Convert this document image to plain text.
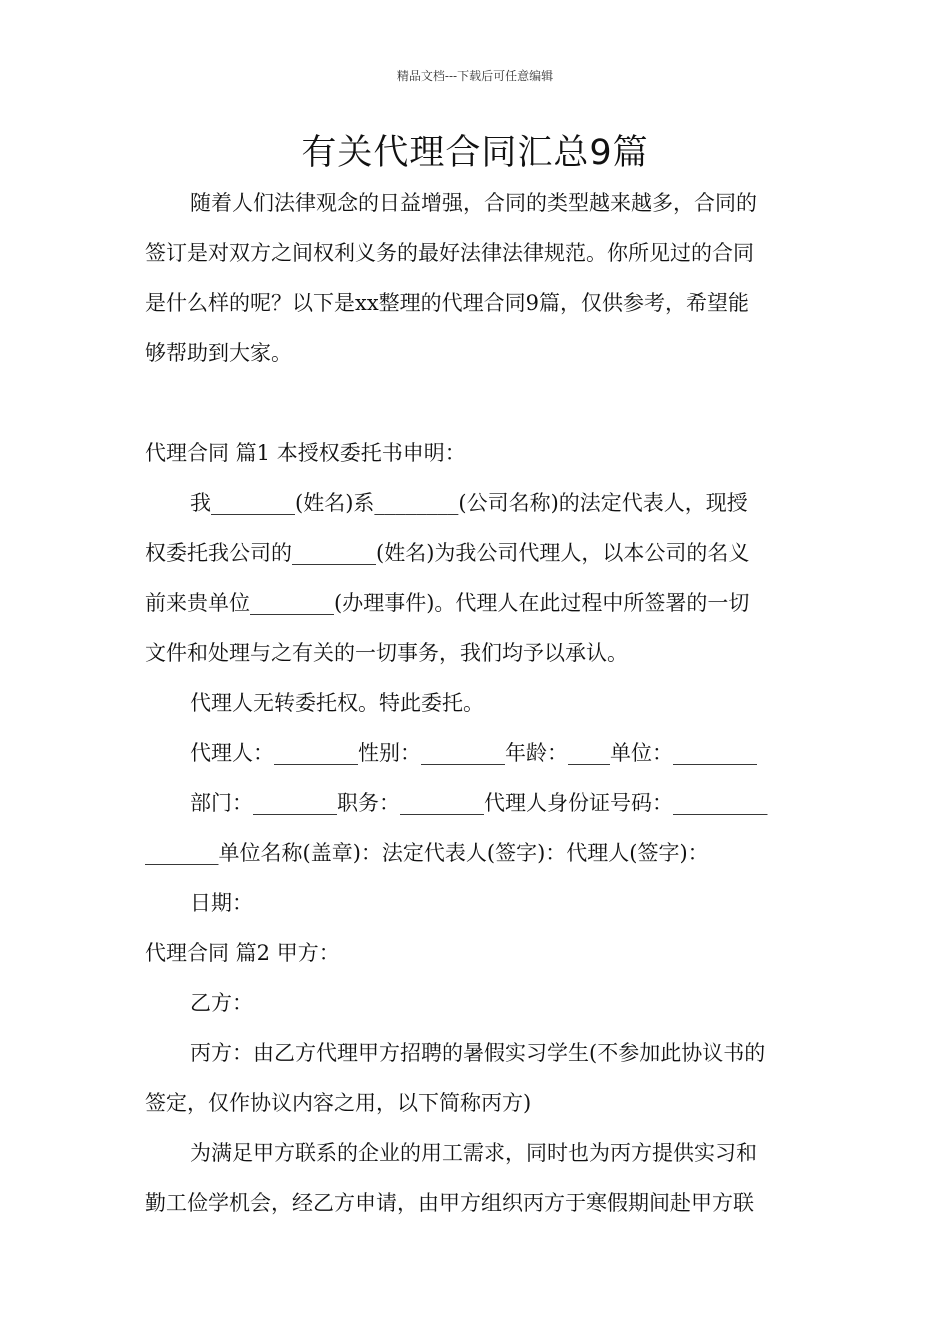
精品文档---下载后可任意编辑
有关代理合同汇总9篇

随着人们法律观念的日益增强，合同的类型越来越多，合同的

签订是对双方之间权利义务的最好法律法律规范。你所见过的合同

是什么样的呢？以下是xx整理的代理合同9篇，仅供参考，希望能

够帮助到大家。

代理合同 篇1 本授权委托书申明：

我________(姓名)系________(公司名称)的法定代表人，现授

权委托我公司的________(姓名)为我公司代理人，以本公司的名义

前来贵单位________(办理事件)。代理人在此过程中所签署的一切

文件和处理与之有关的一切事务，我们均予以承认。

代理人无转委托权。特此委托。

代理人：________性别：________年龄：____单位：________

部门：________职务：________代理人身份证号码：_________

_______单位名称(盖章)：法定代表人(签字)：代理人(签字)：

日期：

代理合同 篇2 甲方：

乙方：

丙方：由乙方代理甲方招聘的暑假实习学生(不参加此协议书的

签定，仅作协议内容之用，以下简称丙方)

为满足甲方联系的企业的用工需求，同时也为丙方提供实习和

勤工俭学机会，经乙方申请，由甲方组织丙方于寒假期间赴甲方联
